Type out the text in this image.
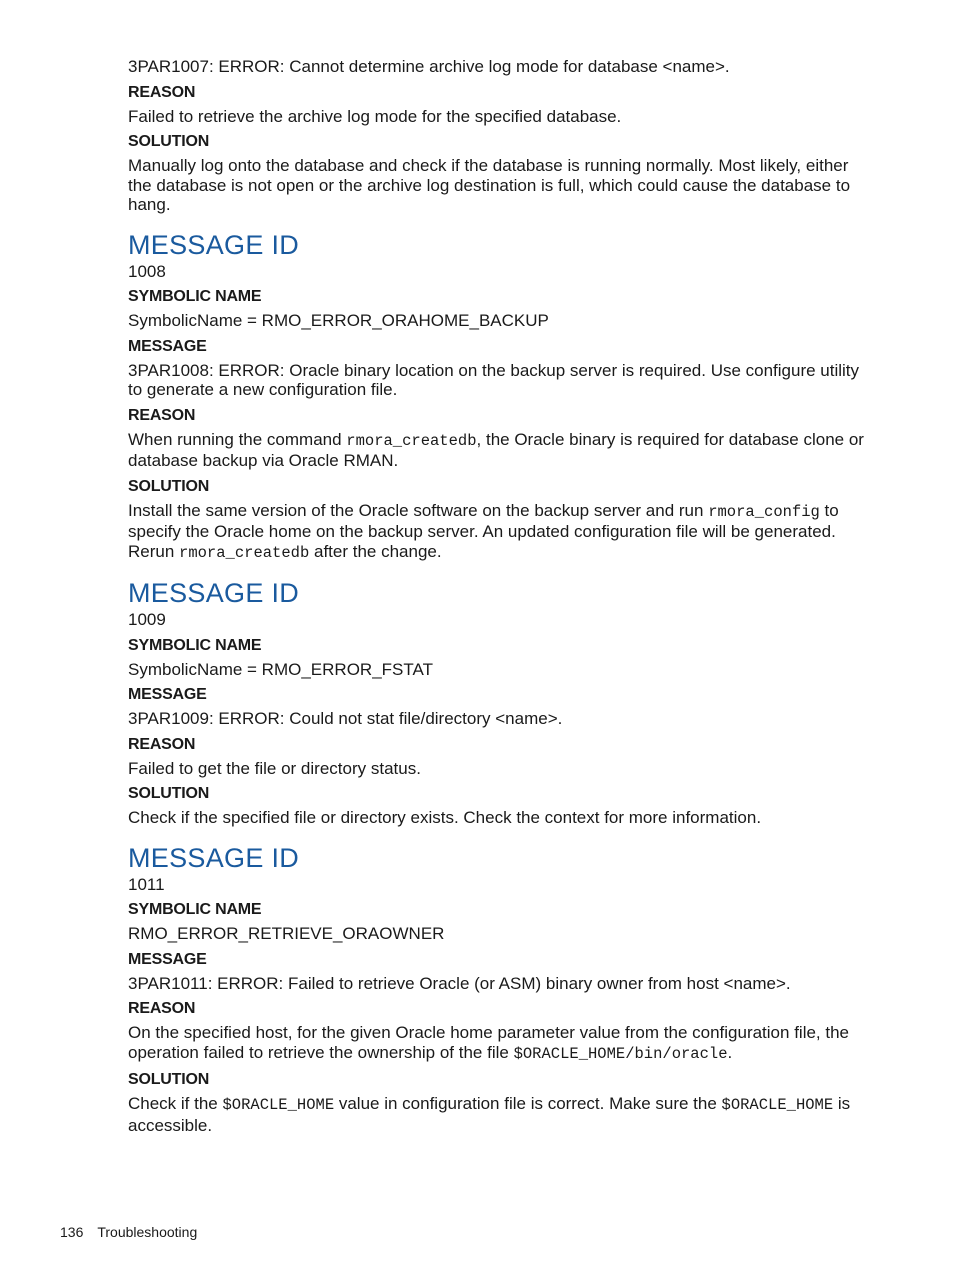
3PAR1007: ERROR: Cannot determine archive log mode for database <name>.

REASON

Failed to retrieve the archive log mode for the specified database.

SOLUTION

Manually log onto the database and check if the database is running normally. Most likely, either the database is not open or the archive log destination is full, which could cause the database to hang.

MESSAGE ID

1008

SYMBOLIC NAME

SymbolicName = RMO_ERROR_ORAHOME_BACKUP

MESSAGE

3PAR1008: ERROR: Oracle binary location on the backup server is required. Use configure utility to generate a new configuration file.

REASON

When running the command rmora_createdb, the Oracle binary is required for database clone or database backup via Oracle RMAN.

SOLUTION

Install the same version of the Oracle software on the backup server and run rmora_config to specify the Oracle home on the backup server. An updated configuration file will be generated. Rerun rmora_createdb after the change.

MESSAGE ID

1009

SYMBOLIC NAME

SymbolicName = RMO_ERROR_FSTAT

MESSAGE

3PAR1009: ERROR: Could not stat file/directory <name>.

REASON

Failed to get the file or directory status.

SOLUTION

Check if the specified file or directory exists. Check the context for more information.

MESSAGE ID

1011

SYMBOLIC NAME

RMO_ERROR_RETRIEVE_ORAOWNER

MESSAGE

3PAR1011: ERROR: Failed to retrieve Oracle (or ASM) binary owner from host <name>.

REASON

On the specified host, for the given Oracle home parameter value from the configuration file, the operation failed to retrieve the ownership of the file $ORACLE_HOME/bin/oracle.

SOLUTION

Check if the $ORACLE_HOME value in configuration file is correct. Make sure the $ORACLE_HOME is accessible.

136 Troubleshooting
